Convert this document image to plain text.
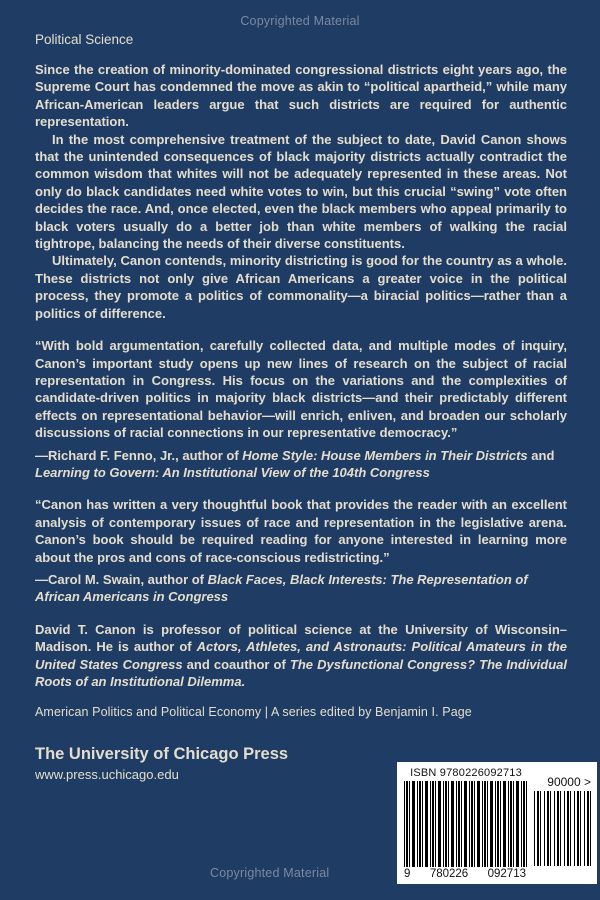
Copyrighted Material

Political Science

Since the creation of minority-dominated congressional districts eight years ago, the Supreme Court has condemned the move as akin to “political apartheid,” while many African-American leaders argue that such districts are required for authentic representation.

In the most comprehensive treatment of the subject to date, David Canon shows that the unintended consequences of black majority districts actually contradict the common wisdom that whites will not be adequately represented in these areas. Not only do black candidates need white votes to win, but this crucial “swing” vote often decides the race. And, once elected, even the black members who appeal primarily to black voters usually do a better job than white members of walking the racial tightrope, balancing the needs of their diverse constituents.

Ultimately, Canon contends, minority districting is good for the country as a whole. These districts not only give African Americans a greater voice in the political process, they promote a politics of commonality—a biracial politics—rather than a politics of difference.

“With bold argumentation, carefully collected data, and multiple modes of inquiry, Canon’s important study opens up new lines of research on the subject of racial representation in Congress. His focus on the variations and the complexities of candidate-driven politics in majority black districts—and their predictably different effects on representational behavior—will enrich, enliven, and broaden our scholarly discussions of racial connections in our representative democracy.”

—Richard F. Fenno, Jr., author of Home Style: House Members in Their Districts and Learning to Govern: An Institutional View of the 104th Congress

“Canon has written a very thoughtful book that provides the reader with an excellent analysis of contemporary issues of race and representation in the legislative arena. Canon’s book should be required reading for anyone interested in learning more about the pros and cons of race-conscious redistricting.”

—Carol M. Swain, author of Black Faces, Black Interests: The Representation of African Americans in Congress

David T. Canon is professor of political science at the University of Wisconsin–Madison. He is author of Actors, Athletes, and Astronauts: Political Amateurs in the United States Congress and coauthor of The Dysfunctional Congress? The Individual Roots of an Institutional Dilemma.

American Politics and Political Economy | A series edited by Benjamin I. Page

The University of Chicago Press

www.press.uchicago.edu	ISBN 9780226092713
9 780226 092713
90000 >
Copyrighted Material
